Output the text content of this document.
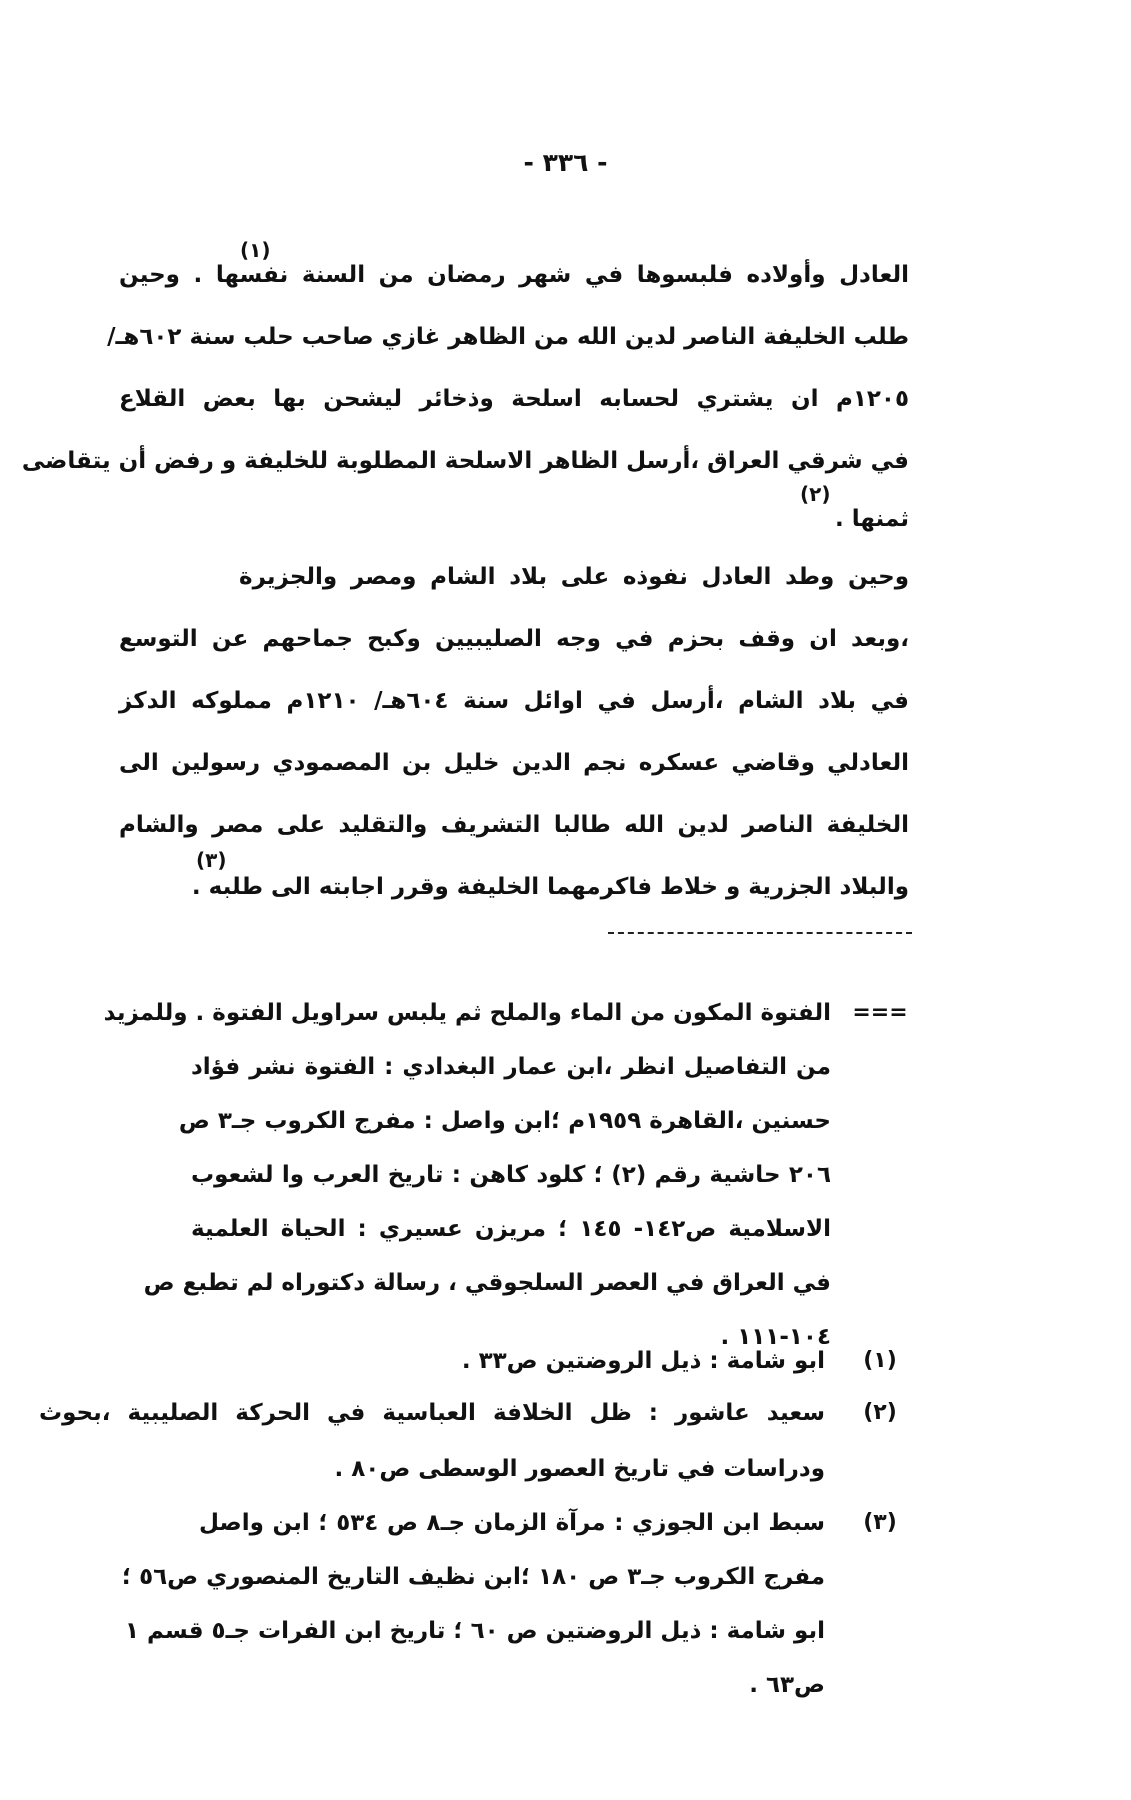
- ٣٣٦ -
العادل وأولاده فلبسوها في شهر رمضان من السنة نفسها . وحين
(١)
طلب الخليفة الناصر لدين الله من الظاهر غازي صاحب حلب سنة ٦٠٢هـ/
١٢٠٥م ان يشتري لحسابه اسلحة وذخائر ليشحن بها بعض القلاع
في شرقي العراق ،أرسل الظاهر الاسلحة المطلوبة للخليفة و رفض أن يتقاضى
ثمنها .
(٢)
وحين وطد العادل نفوذه على بلاد الشام ومصر والجزيرة
،وبعد ان وقف بحزم في وجه الصليبيين وكبح جماحهم عن التوسع
في بلاد الشام ،أرسل في اوائل سنة ٦٠٤هـ/ ١٢١٠م مملوكه الدكز
العادلي وقاضي عسكره نجم الدين خليل بن المصمودي رسولين الى
الخليفة الناصر لدين الله طالبا التشريف والتقليد على مصر والشام
والبلاد الجزرية و خلاط فاكرمهما الخليفة وقرر اجابته الى طلبه .
(٣)
===
الفتوة المكون من الماء والملح ثم يلبس سراويل الفتوة . وللمزيد
من التفاصيل انظر ،ابن عمار البغدادي : الفتوة نشر فؤاد
حسنين ،القاهرة ١٩٥٩م ؛ابن واصل : مفرج الكروب جـ٣ ص
٢٠٦ حاشية رقم (٢) ؛ كلود كاهن : تاريخ العرب وا لشعوب
الاسلامية ص١٤٢- ١٤٥ ؛ مريزن عسيري : الحياة العلمية
في العراق في العصر السلجوقي ، رسالة دكتوراه لم تطبع ص
١٠٤-١١١ .
(١)
ابو شامة : ذيل الروضتين ص٣٣ .
(٢)
سعيد عاشور : ظل الخلافة العباسية في الحركة الصليبية ،بحوث
ودراسات في تاريخ العصور الوسطى ص٨٠ .
(٣)
سبط ابن الجوزي : مرآة الزمان جـ٨ ص ٥٣٤ ؛ ابن واصل
مفرج الكروب جـ٣ ص ١٨٠ ؛ابن نظيف التاريخ المنصوري ص٥٦ ؛
ابو شامة : ذيل الروضتين ص ٦٠ ؛ تاريخ ابن الفرات جـ٥ قسم ١
ص٦٣ .
